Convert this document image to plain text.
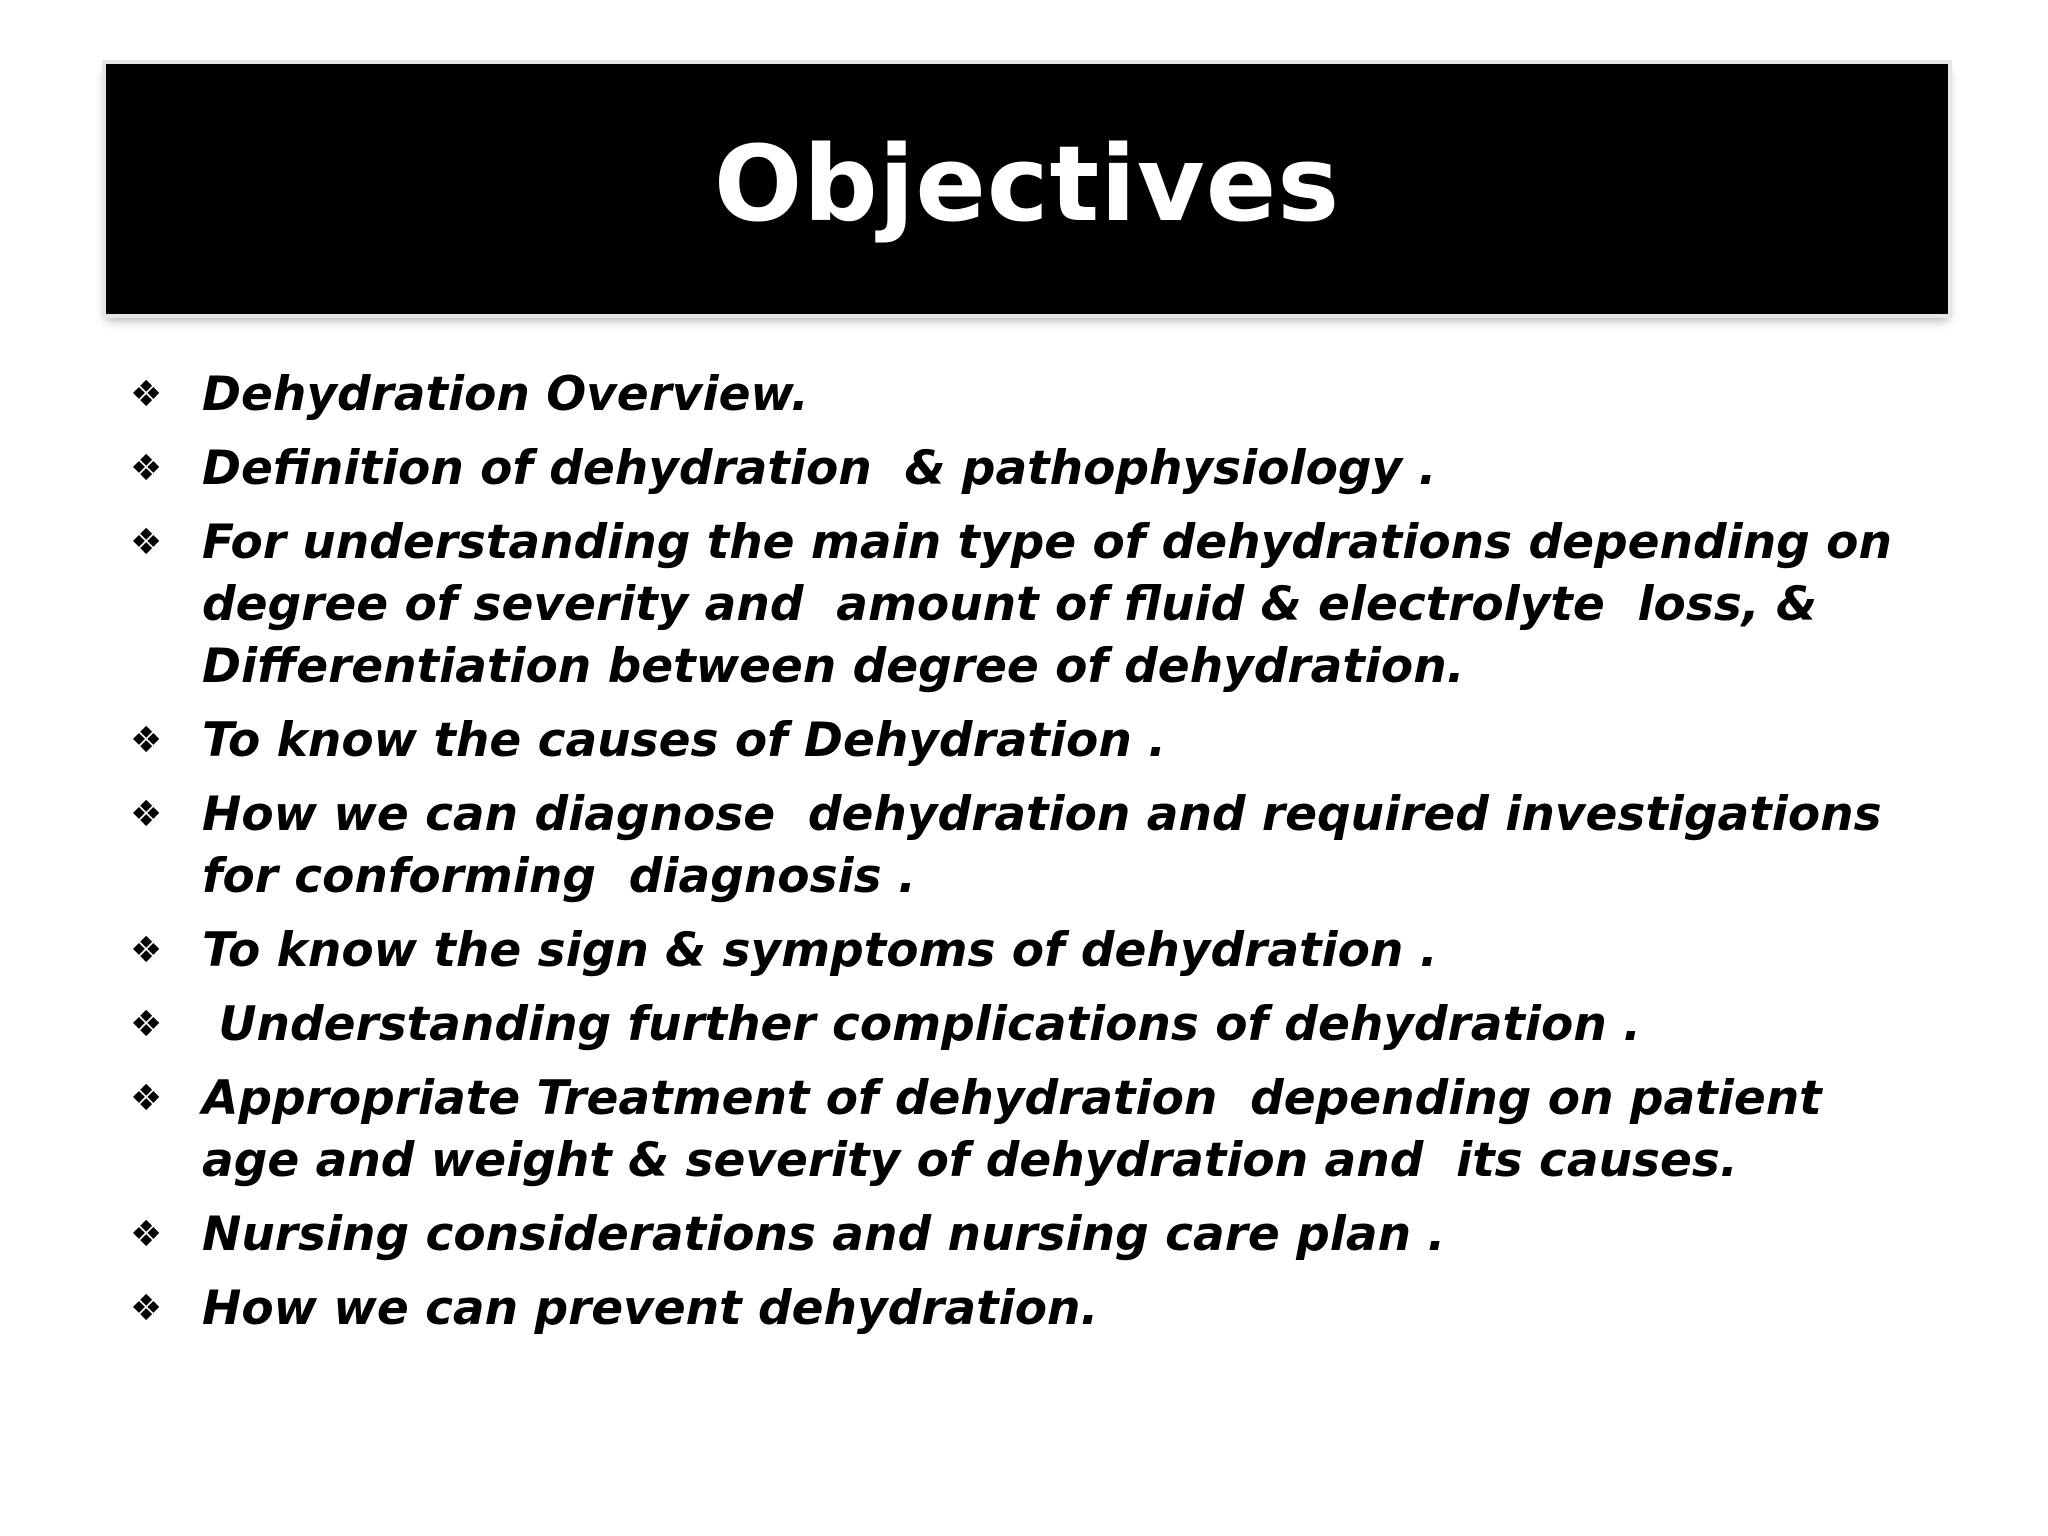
Objectives
❖ Dehydration Overview.
❖ Definition of dehydration  & pathophysiology .
❖ For understanding the main type of dehydrations depending on degree of severity and  amount of fluid & electrolyte  loss, & Differentiation between degree of dehydration.
❖ To know the causes of Dehydration .
❖ How we can diagnose  dehydration and required investigations for conforming  diagnosis .
❖ To know the sign & symptoms of dehydration .
❖ Understanding further complications of dehydration .
❖ Appropriate Treatment of dehydration  depending on patient  age and weight & severity of dehydration and  its causes.
❖ Nursing considerations and nursing care plan .
❖ How we can prevent dehydration.
